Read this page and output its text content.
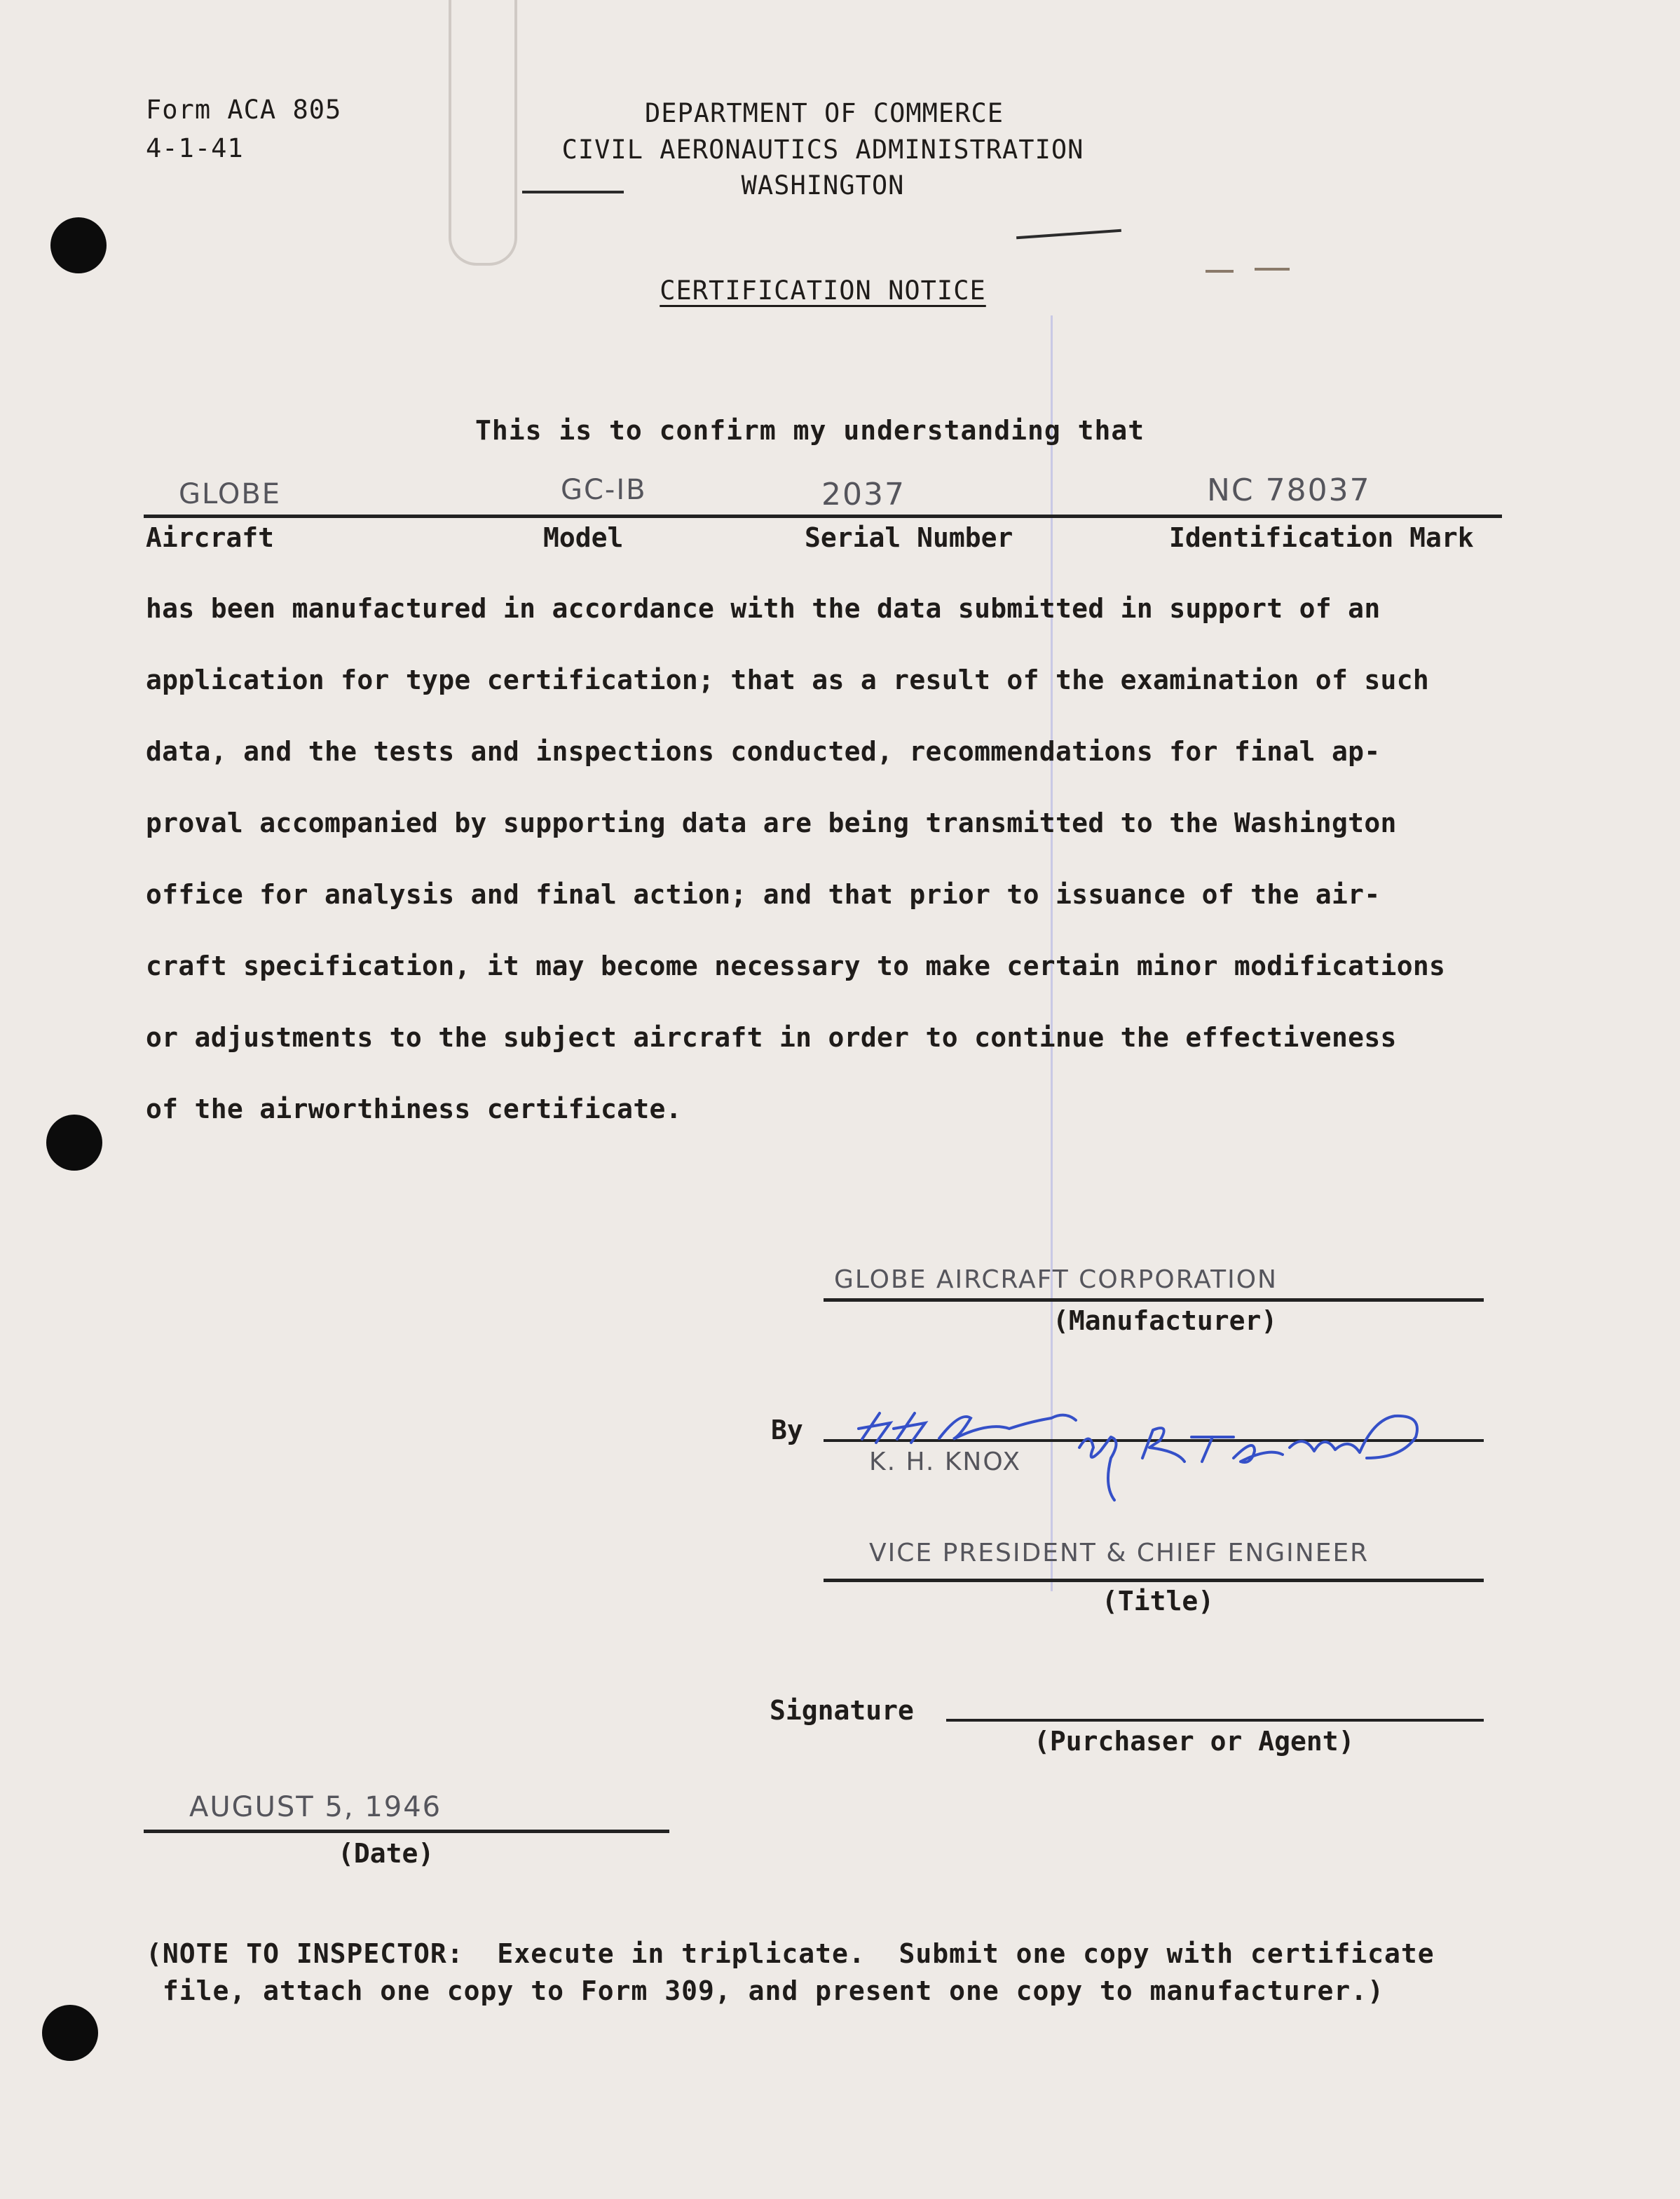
Form ACA 805
4-1-41
DEPARTMENT OF COMMERCE
CIVIL AERONAUTICS ADMINISTRATION
WASHINGTON
CERTIFICATION NOTICE
This is to confirm my understanding that
GLOBE	GC-IB	2037	NC 78037
Aircraft	Model	Serial Number	Identification Mark
has been manufactured in accordance with the data submitted in support of an
application for type certification; that as a result of the examination of such
data, and the tests and inspections conducted, recommendations for final ap-
proval accompanied by supporting data are being transmitted to the Washington
office for analysis and final action; and that prior to issuance of the air-
craft specification, it may become necessary to make certain minor modifications
or adjustments to the subject aircraft in order to continue the effectiveness
of the airworthiness certificate.
GLOBE AIRCRAFT CORPORATION
(Manufacturer)
By
K. H. KNOX
VICE PRESIDENT & CHIEF ENGINEER
(Title)
Signature
(Purchaser or Agent)
AUGUST 5, 1946
(Date)
(NOTE TO INSPECTOR:  Execute in triplicate.  Submit one copy with certificate
file, attach one copy to Form 309, and present one copy to manufacturer.)
